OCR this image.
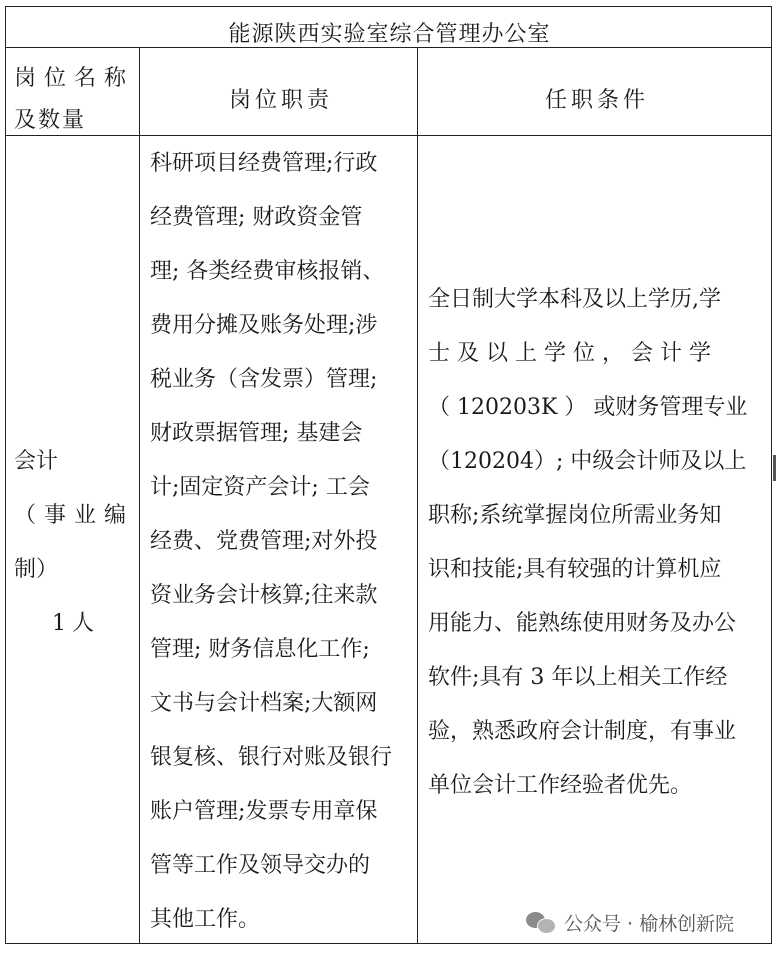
能源陕西实验室综合管理办公室
岗位名称
及数量
岗位职责	任职条件
会计
（事业编
制）
1人
科研项目经费管理;行政
经费管理; 财政资金管
理; 各类经费审核报销、
费用分摊及账务处理;涉
税业务（含发票）管理;
财政票据管理; 基建会
计;固定资产会计; 工会
经费、党费管理;对外投
资业务会计核算;往来款
管理; 财务信息化工作;
文书与会计档案;大额网
银复核、银行对账及银行
账户管理;发票专用章保
管等工作及领导交办的
其他工作。
全日制大学本科及以上学历,学
士 及 以 上 学 位 ， 会 计 学
（ 120203K ） 或财务管理专业
（120204）; 中级会计师及以上
职称;系统掌握岗位所需业务知
识和技能;具有较强的计算机应
用能力、能熟练使用财务及办公
软件;具有 3 年以上相关工作经
验，熟悉政府会计制度，有事业
单位会计工作经验者优先。
公众号 · 榆林创新院
